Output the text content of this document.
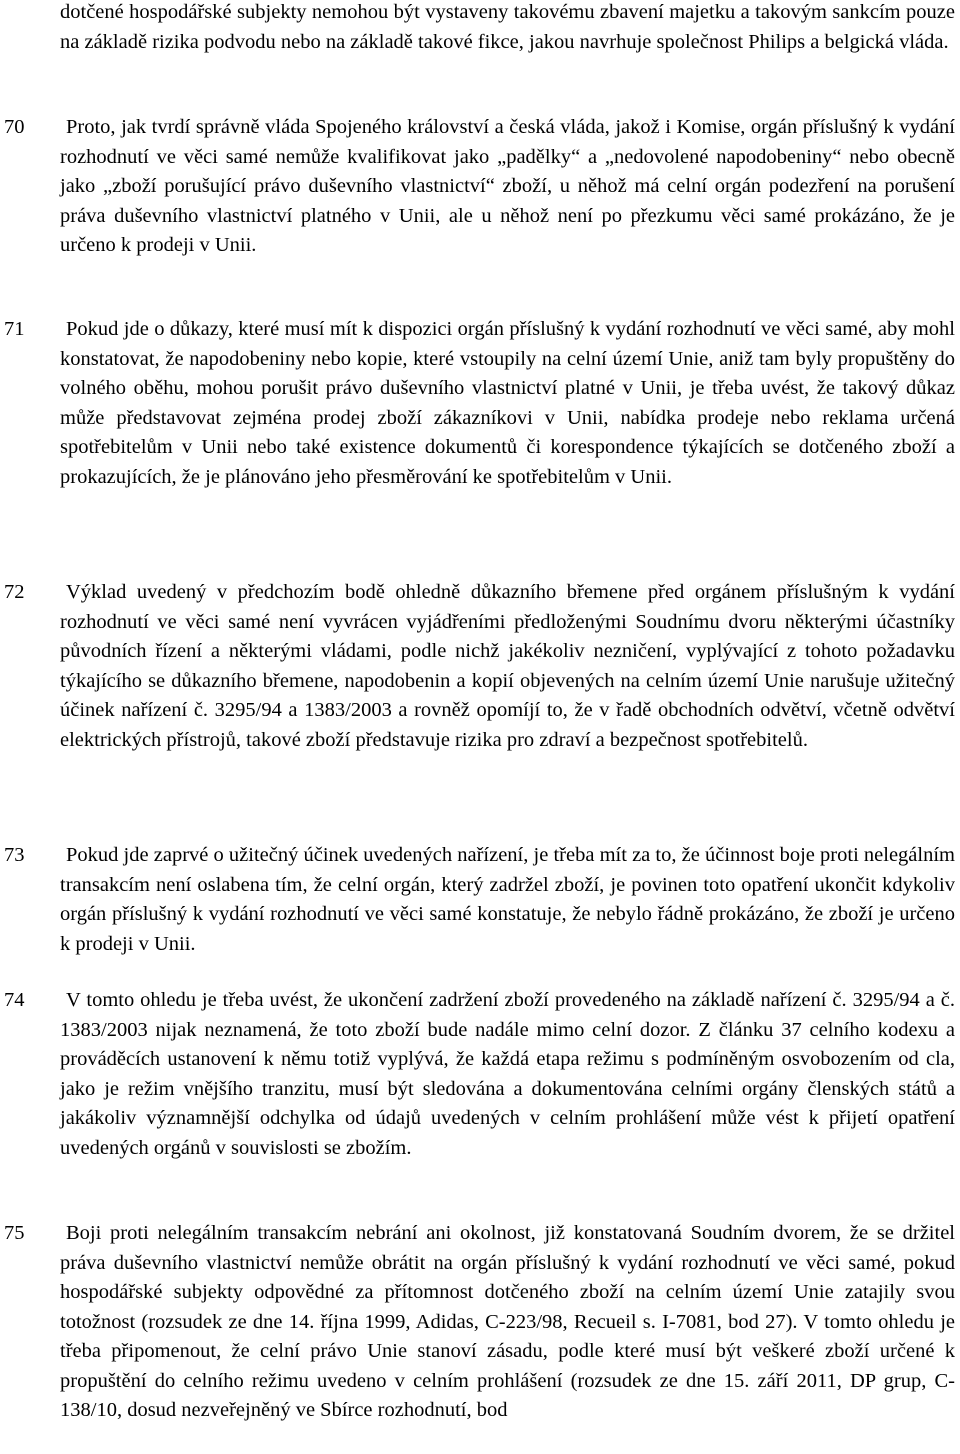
dotčené hospodářské subjekty nemohou být vystaveny takovému zbavení majetku a takovým sankcím pouze na základě rizika podvodu nebo na základě takové fikce, jakou navrhuje společnost Philips a belgická vláda.
70 Proto, jak tvrdí správně vláda Spojeného království a česká vláda, jakož i Komise, orgán příslušný k vydání rozhodnutí ve věci samé nemůže kvalifikovat jako „padělky“ a „nedovolené napodobeniny“ nebo obecně jako „zboží porušující právo duševního vlastnictví“ zboží, u něhož má celní orgán podezření na porušení práva duševního vlastnictví platného v Unii, ale u něhož není po přezkumu věci samé prokázáno, že je určeno k prodeji v Unii.
71 Pokud jde o důkazy, které musí mít k dispozici orgán příslušný k vydání rozhodnutí ve věci samé, aby mohl konstatovat, že napodobeniny nebo kopie, které vstoupily na celní území Unie, aniž tam byly propuštěny do volného oběhu, mohou porušit právo duševního vlastnictví platné v Unii, je třeba uvést, že takový důkaz může představovat zejména prodej zboží zákazníkovi v Unii, nabídka prodeje nebo reklama určená spotřebitelům v Unii nebo také existence dokumentů či korespondence týkajících se dotčeného zboží a prokazujících, že je plánováno jeho přesměrování ke spotřebitelům v Unii.
72 Výklad uvedený v předchozím bodě ohledně důkazního břemene před orgánem příslušným k vydání rozhodnutí ve věci samé není vyvrácen vyjádřeními předloženými Soudnímu dvoru některými účastníky původních řízení a některými vládami, podle nichž jakékoliv nezničení, vyplývající z tohoto požadavku týkajícího se důkazního břemene, napodobenin a kopií objevených na celním území Unie narušuje užitečný účinek nařízení č. 3295/94 a 1383/2003 a rovněž opomíjí to, že v řadě obchodních odvětví, včetně odvětví elektrických přístrojů, takové zboží představuje rizika pro zdraví a bezpečnost spotřebitelů.
73 Pokud jde zaprvé o užitečný účinek uvedených nařízení, je třeba mít za to, že účinnost boje proti nelegálním transakcím není oslabena tím, že celní orgán, který zadržel zboží, je povinen toto opatření ukončit kdykoliv orgán příslušný k vydání rozhodnutí ve věci samé konstatuje, že nebylo řádně prokázáno, že zboží je určeno k prodeji v Unii.
74 V tomto ohledu je třeba uvést, že ukončení zadržení zboží provedeného na základě nařízení č. 3295/94 a č. 1383/2003 nijak neznamená, že toto zboží bude nadále mimo celní dozor. Z článku 37 celního kodexu a prováděcích ustanovení k němu totiž vyplývá, že každá etapa režimu s podmíněným osvobozením od cla, jako je režim vnějšího tranzitu, musí být sledována a dokumentována celními orgány členských států a jakákoliv významnější odchylka od údajů uvedených v celním prohlášení může vést k přijetí opatření uvedených orgánů v souvislosti se zbožím.
75 Boji proti nelegálním transakcím nebrání ani okolnost, již konstatovaná Soudním dvorem, že se držitel práva duševního vlastnictví nemůže obrátit na orgán příslušný k vydání rozhodnutí ve věci samé, pokud hospodářské subjekty odpovědné za přítomnost dotčeného zboží na celním území Unie zatajily svou totožnost (rozsudek ze dne 14. října 1999, Adidas, C-223/98, Recueil s. I-7081, bod 27). V tomto ohledu je třeba připomenout, že celní právo Unie stanoví zásadu, podle které musí být veškeré zboží určené k propuštění do celního režimu uvedeno v celním prohlášení (rozsudek ze dne 15. září 2011, DP grup, C-138/10, dosud nezveřejněný ve Sbírce rozhodnutí, bod
